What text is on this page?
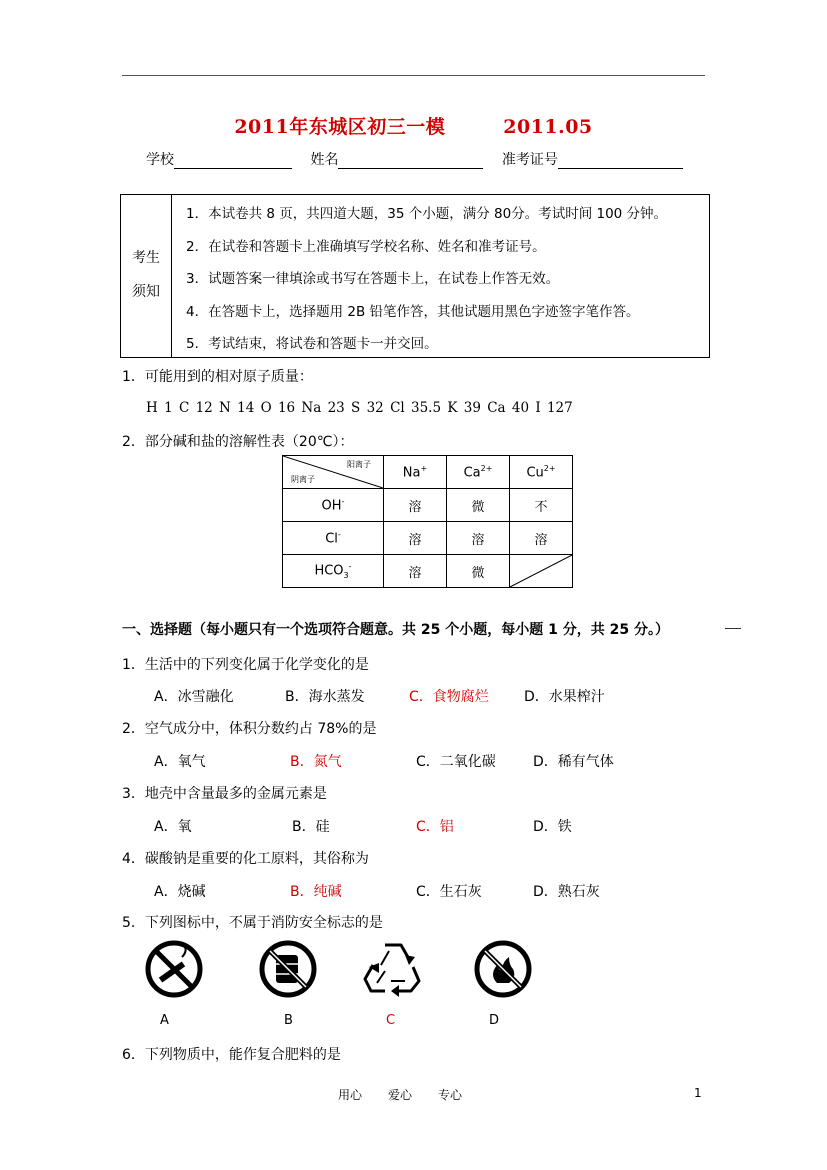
2011年东城区初三一模	2011.05
学校	姓名	准考证号
考生
须知
1．本试卷共 8 页，共四道大题，35 个小题，满分 80分。考试时间 100 分钟。
2．在试卷和答题卡上准确填写学校名称、姓名和准考证号。
3．试题答案一律填涂或书写在答题卡上，在试卷上作答无效。
4．在答题卡上，选择题用 2B 铅笔作答，其他试题用黑色字迹签字笔作答。
5．考试结束，将试卷和答题卡一并交回。
1．可能用到的相对原子质量：
H 1 C 12 N 14 O 16 Na 23 S 32 Cl 35.5 K 39 Ca 40 I 127
2．部分碱和盐的溶解性表（20℃）：
阳离子
阴离子	Na+	$Ca^{2+}$	$Cu^{2+}$
OH-	溶	微	不
Cl-	溶	溶	溶
$HCO_3^-$	溶	微	
一、选择题（每小题只有一个选项符合题意。共 25 个小题，每小题 1 分，共 25 分。）
1．生活中的下列变化属于化学变化的是
A．冰雪融化	B．海水蒸发	C．食物腐烂	D．水果榨汁
2．空气成分中，体积分数约占 78%的是
A．氧气	B．氮气	C．二氧化碳	D．稀有气体
3．地壳中含量最多的金属元素是
A．氧	B．硅	C．铝	D．铁
4．碳酸钠是重要的化工原料，其俗称为
A．烧碱	B．纯碱	C．生石灰	D．熟石灰
5．下列图标中，不属于消防安全标志的是
A	B	C	D
6．下列物质中，能作复合肥料的是
用心 爱心 专心	1
